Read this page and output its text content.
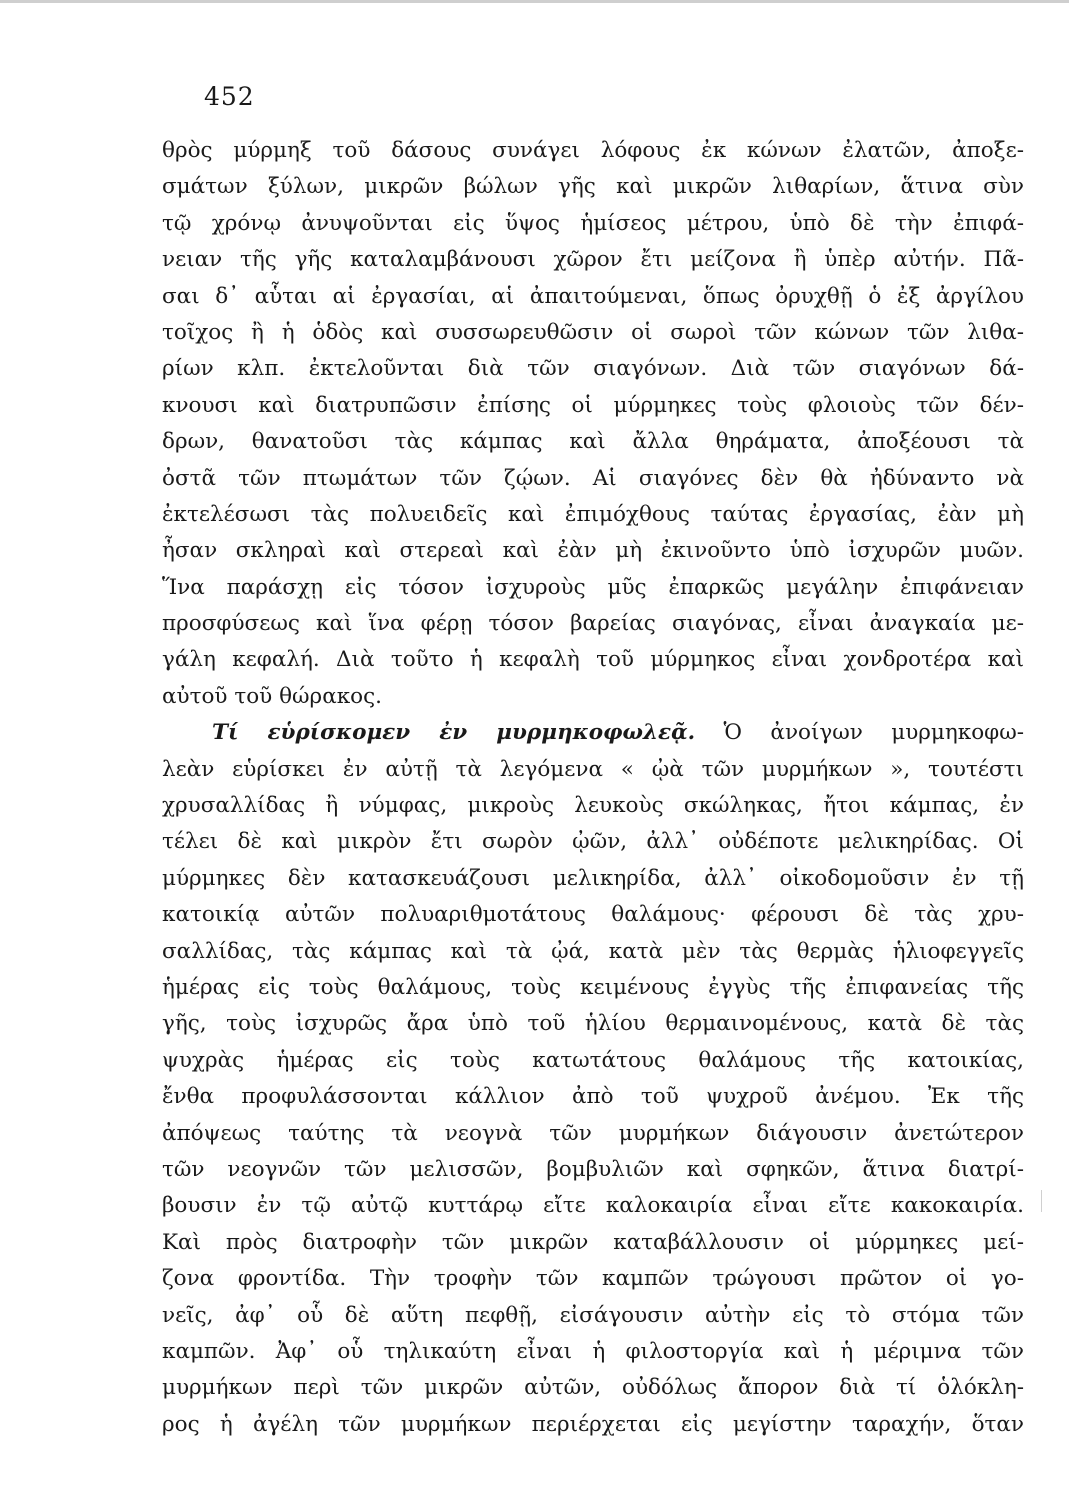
452
θρὸς μύρμηξ τοῦ δάσους συνάγει λόφους ἐκ κώνων ἐλατῶν, ἀποξε-
σμάτων ξύλων, μικρῶν βώλων γῆς καὶ μικρῶν λιθαρίων, ἅτινα σὺν
τῷ χρόνῳ ἀνυψοῦνται εἰς ὕψος ἡμίσεος μέτρου, ὑπὸ δὲ τὴν ἐπιφά-
νειαν τῆς γῆς καταλαμβάνουσι χῶρον ἔτι μείζονα ἢ ὑπὲρ αὐτήν. Πᾶ-
σαι δ᾿ αὗται αἱ ἐργασίαι, αἱ ἀπαιτούμεναι, ὅπως ὀρυχθῇ ὁ ἐξ ἀργίλου
τοῖχος ἢ ἡ ὁδὸς καὶ συσσωρευθῶσιν οἱ σωροὶ τῶν κώνων τῶν λιθα-
ρίων κλπ. ἐκτελοῦνται διὰ τῶν σιαγόνων. Διὰ τῶν σιαγόνων δά-
κνουσι καὶ διατρυπῶσιν ἐπίσης οἱ μύρμηκες τοὺς φλοιοὺς τῶν δέν-
δρων, θανατοῦσι τὰς κάμπας καὶ ἄλλα θηράματα, ἀποξέουσι τὰ
ὀστᾶ τῶν πτωμάτων τῶν ζῴων. Αἱ σιαγόνες δὲν θὰ ἠδύναντο νὰ
ἐκτελέσωσι τὰς πολυειδεῖς καὶ ἐπιμόχθους ταύτας ἐργασίας, ἐὰν μὴ
ἦσαν σκληραὶ καὶ στερεαὶ καὶ ἐὰν μὴ ἐκινοῦντο ὑπὸ ἰσχυρῶν μυῶν.
Ἵνα παράσχῃ εἰς τόσον ἰσχυροὺς μῦς ἐπαρκῶς μεγάλην ἐπιφάνειαν
προσφύσεως καὶ ἵνα φέρῃ τόσον βαρείας σιαγόνας, εἶναι ἀναγκαία με-
γάλη κεφαλή. Διὰ τοῦτο ἡ κεφαλὴ τοῦ μύρμηκος εἶναι χονδροτέρα καὶ
αὐτοῦ τοῦ θώρακος.
Τί εὑρίσκομεν ἐν μυρμηκοφωλεᾷ. Ὁ ἀνοίγων μυρμηκοφω-
λεὰν εὑρίσκει ἐν αὐτῇ τὰ λεγόμενα « ᾠὰ τῶν μυρμήκων », τουτέστι
χρυσαλλίδας ἢ νύμφας, μικροὺς λευκοὺς σκώληκας, ἤτοι κάμπας, ἐν
τέλει δὲ καὶ μικρὸν ἔτι σωρὸν ᾠῶν, ἀλλ᾿ οὐδέποτε μελικηρίδας. Οἱ
μύρμηκες δὲν κατασκευάζουσι μελικηρίδα, ἀλλ᾿ οἰκοδομοῦσιν ἐν τῇ
κατοικίᾳ αὐτῶν πολυαριθμοτάτους θαλάμους· φέρουσι δὲ τὰς χρυ-
σαλλίδας, τὰς κάμπας καὶ τὰ ᾠά, κατὰ μὲν τὰς θερμὰς ἡλιοφεγγεῖς
ἡμέρας εἰς τοὺς θαλάμους, τοὺς κειμένους ἐγγὺς τῆς ἐπιφανείας τῆς
γῆς, τοὺς ἰσχυρῶς ἄρα ὑπὸ τοῦ ἡλίου θερμαινομένους, κατὰ δὲ τὰς
ψυχρὰς ἡμέρας εἰς τοὺς κατωτάτους θαλάμους τῆς κατοικίας,
ἔνθα προφυλάσσονται κάλλιον ἀπὸ τοῦ ψυχροῦ ἀνέμου. Ἐκ τῆς
ἀπόψεως ταύτης τὰ νεογνὰ τῶν μυρμήκων διάγουσιν ἀνετώτερον
τῶν νεογνῶν τῶν μελισσῶν, βομβυλιῶν καὶ σφηκῶν, ἅτινα διατρί-
βουσιν ἐν τῷ αὐτῷ κυττάρῳ εἴτε καλοκαιρία εἶναι εἴτε κακοκαιρία.
Καὶ πρὸς διατροφὴν τῶν μικρῶν καταβάλλουσιν οἱ μύρμηκες μεί-
ζονα φροντίδα. Τὴν τροφὴν τῶν καμπῶν τρώγουσι πρῶτον οἱ γο-
νεῖς, ἀφ᾿ οὗ δὲ αὕτη πεφθῇ, εἰσάγουσιν αὐτὴν εἰς τὸ στόμα τῶν
καμπῶν. Ἀφ᾿ οὗ τηλικαύτη εἶναι ἡ φιλοστοργία καὶ ἡ μέριμνα τῶν
μυρμήκων περὶ τῶν μικρῶν αὐτῶν, οὐδόλως ἄπορον διὰ τί ὁλόκλη-
ρος ἡ ἀγέλη τῶν μυρμήκων περιέρχεται εἰς μεγίστην ταραχήν, ὅταν
